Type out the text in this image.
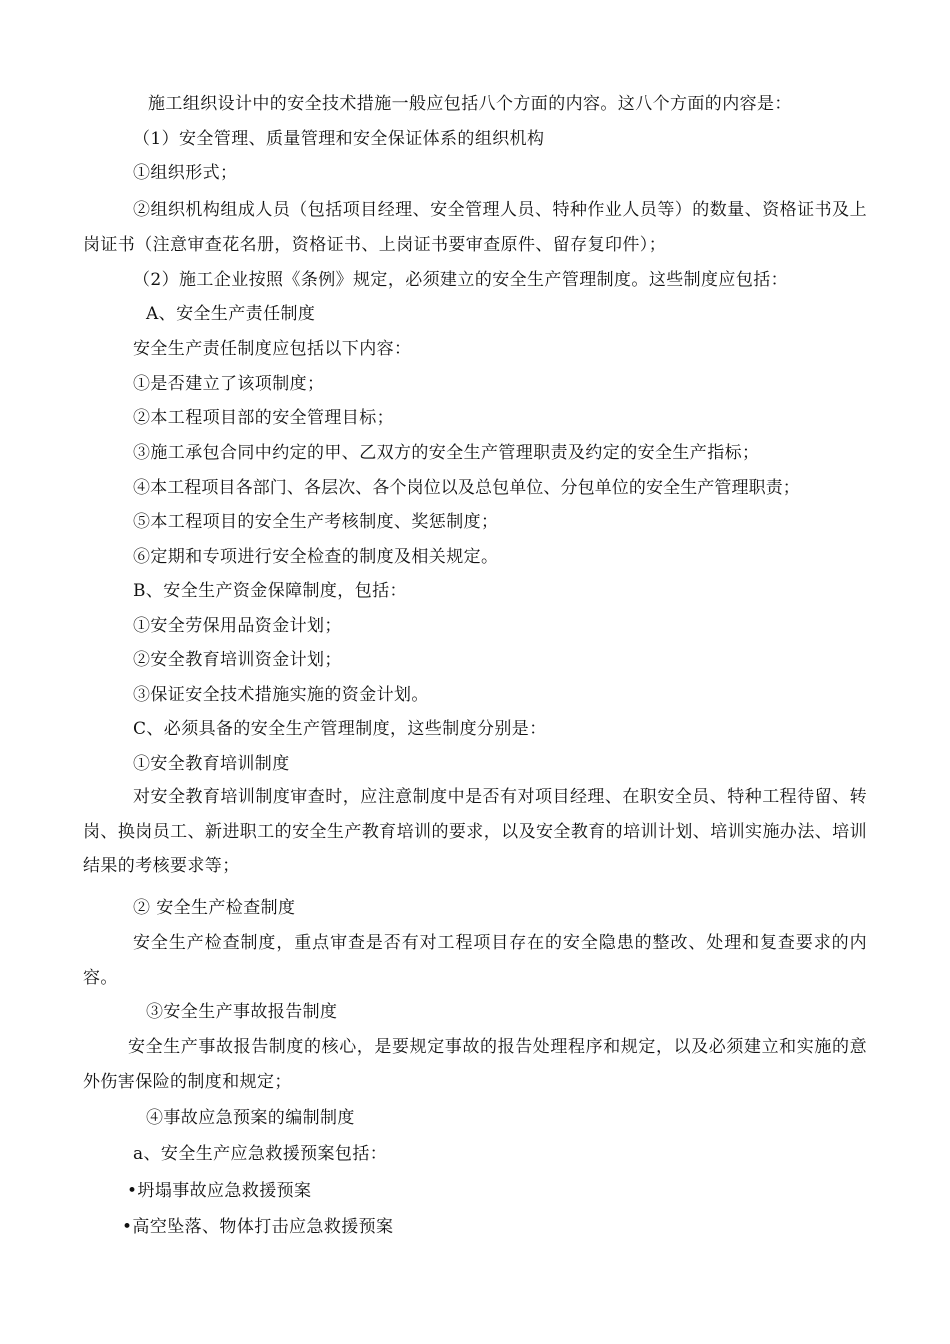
施工组织设计中的安全技术措施一般应包括八个方面的内容。这八个方面的内容是：
（1）安全管理、质量管理和安全保证体系的组织机构
①组织形式；
②组织机构组成人员（包括项目经理、安全管理人员、特种作业人员等）的数量、资格证书及上岗证书（注意审查花名册，资格证书、上岗证书要审查原件、留存复印件）；
（2）施工企业按照《条例》规定，必须建立的安全生产管理制度。这些制度应包括：
A、安全生产责任制度
安全生产责任制度应包括以下内容：
①是否建立了该项制度；
②本工程项目部的安全管理目标；
③施工承包合同中约定的甲、乙双方的安全生产管理职责及约定的安全生产指标；
④本工程项目各部门、各层次、各个岗位以及总包单位、分包单位的安全生产管理职责；
⑤本工程项目的安全生产考核制度、奖惩制度；
⑥定期和专项进行安全检查的制度及相关规定。
B、安全生产资金保障制度，包括：
①安全劳保用品资金计划；
②安全教育培训资金计划；
③保证安全技术措施实施的资金计划。
C、必须具备的安全生产管理制度，这些制度分别是：
①安全教育培训制度
对安全教育培训制度审查时，应注意制度中是否有对项目经理、在职安全员、特种工程待留、转岗、换岗员工、新进职工的安全生产教育培训的要求，以及安全教育的培训计划、培训实施办法、培训结果的考核要求等；
② 安全生产检查制度
安全生产检查制度，重点审查是否有对工程项目存在的安全隐患的整改、处理和复查要求的内容。
③安全生产事故报告制度
安全生产事故报告制度的核心，是要规定事故的报告处理程序和规定，以及必须建立和实施的意外伤害保险的制度和规定；
④事故应急预案的编制制度
a、安全生产应急救援预案包括：
•坍塌事故应急救援预案
•高空坠落、物体打击应急救援预案
